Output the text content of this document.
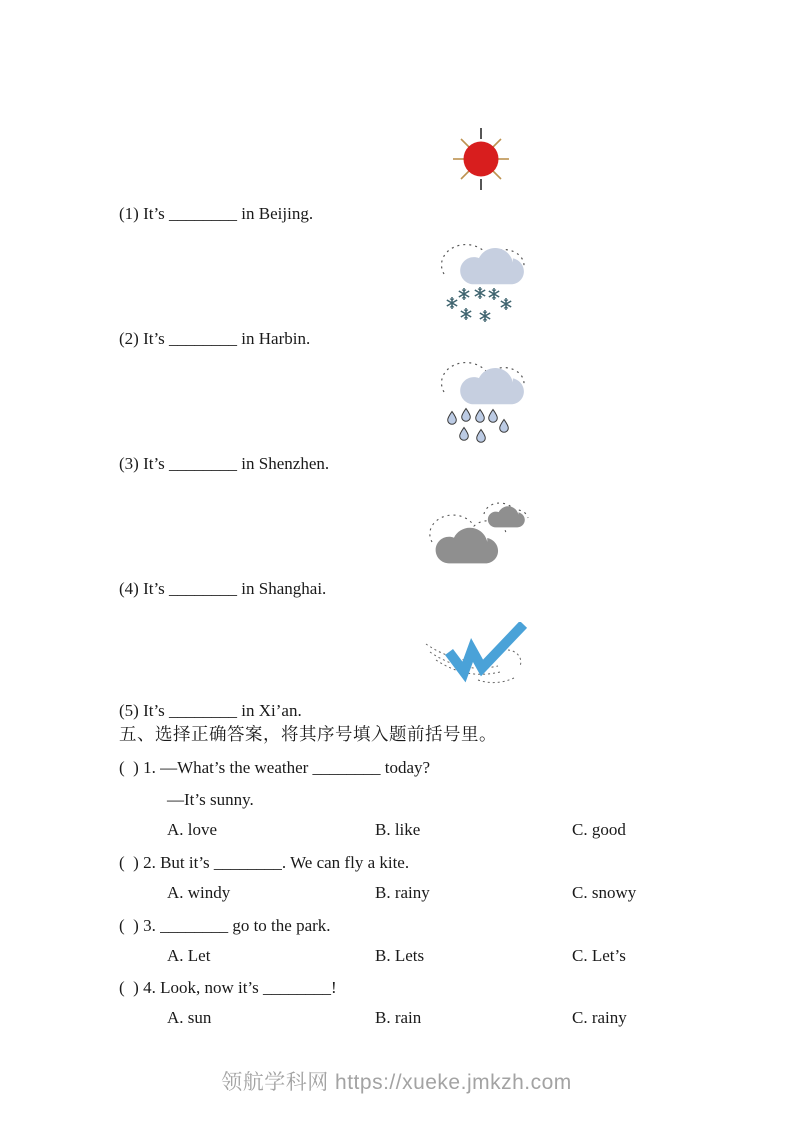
(1) It’s ________ in Beijing.
(2) It’s ________ in Harbin.
(3) It’s ________ in Shenzhen.
(4) It’s ________ in Shanghai.
(5) It’s ________ in Xi’an.
五、选择正确答案，将其序号填入题前括号里。
(  ) 1. —What’s the weather ________ today?
—It’s sunny.
A. love	B. like	C. good
(  ) 2. But it’s ________. We can fly a kite.
A. windy	B. rainy	C. snowy
(  ) 3. ________ go to the park.
A. Let	B. Lets	C. Let’s
(  ) 4. Look, now it’s ________!
A. sun	B. rain	C. rainy
领航学科网 https://xueke.jmkzh.com
